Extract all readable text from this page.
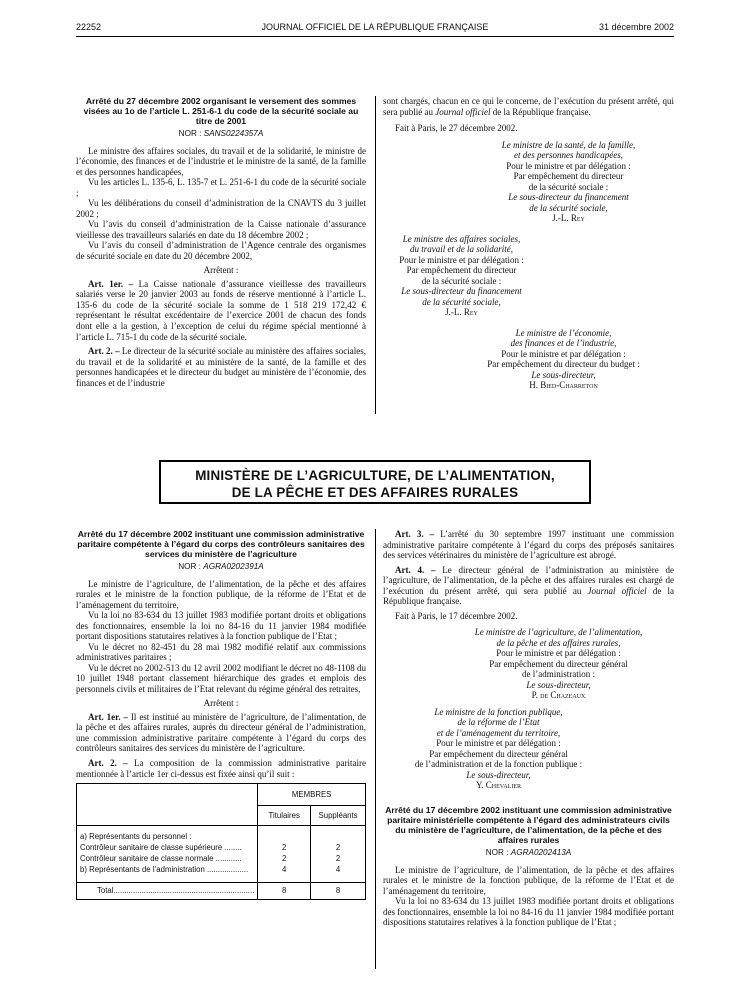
22252	JOURNAL OFFICIEL DE LA RÉPUBLIQUE FRANÇAISE	31 décembre 2002
Arrêté du 27 décembre 2002 organisant le versement des sommes visées au 1o de l’article L. 251-6-1 du code de la sécurité sociale au titre de 2001
NOR : SANS0224357A

Le ministre des affaires sociales, du travail et de la solidarité, le ministre de l’économie, des finances et de l’industrie et le ministre de la santé, de la famille et des personnes handicapées,

Vu les articles L. 135-6, L. 135-7 et L. 251-6-1 du code de la sécurité sociale ;

Vu les délibérations du conseil d’administration de la CNAVTS du 3 juillet 2002 ;

Vu l’avis du conseil d’administration de la Caisse nationale d’assurance vieillesse des travailleurs salariés en date du 18 décembre 2002 ;

Vu l’avis du conseil d’administration de l’Agence centrale des organismes de sécurité sociale en date du 20 décembre 2002,

Arrêtent :

Art. 1er. – La Caisse nationale d’assurance vieillesse des travailleurs salariés verse le 20 janvier 2003 au fonds de réserve mentionné à l’article L. 135-6 du code de la sécurité sociale la somme de 1 518 219 172,42 € représentant le résultat excédentaire de l’exercice 2001 de chacun des fonds dont elle a la gestion, à l’exception de celui du régime spécial mentionné à l’article L. 715-1 du code de la sécurité sociale.

Art. 2. – Le directeur de la sécurité sociale au ministère des affaires sociales, du travail et de la solidarité et au ministère de la santé, de la famille et des personnes handicapées et le directeur du budget au ministère de l’économie, des finances et de l’industrie

sont chargés, chacun en ce qui le concerne, de l’exécution du présent arrêté, qui sera publié au Journal officiel de la République française.

Fait à Paris, le 27 décembre 2002.

Le ministre de la santé, de la famille,
et des personnes handicapées,
Pour le ministre et par délégation :
Par empêchement du directeur
de la sécurité sociale :
Le sous-directeur du financement
de la sécurité sociale,
J.-L. Rey
Le ministre des affaires sociales,
du travail et de la solidarité,
Pour le ministre et par délégation :
Par empêchement du directeur
de la sécurité sociale :
Le sous-directeur du financement
de la sécurité sociale,
J.-L. Rey
Le ministre de l’économie,
des finances et de l’industrie,
Pour le ministre et par délégation :
Par empêchement du directeur du budget :
Le sous-directeur,
H. Bied-Charreton
MINISTÈRE DE L’AGRICULTURE, DE L’ALIMENTATION,
DE LA PÊCHE ET DES AFFAIRES RURALES
Arrêté du 17 décembre 2002 instituant une commission administrative paritaire compétente à l’égard du corps des contrôleurs sanitaires des services du ministère de l’agriculture
NOR : AGRA0202391A

Le ministre de l’agriculture, de l’alimentation, de la pêche et des affaires rurales et le ministre de la fonction publique, de la réforme de l’Etat et de l’aménagement du territoire,

Vu la loi no 83-634 du 13 juillet 1983 modifiée portant droits et obligations des fonctionnaires, ensemble la loi no 84-16 du 11 janvier 1984 modifiée portant dispositions statutaires relatives à la fonction publique de l’Etat ;

Vu le décret no 82-451 du 28 mai 1982 modifié relatif aux commissions administratives paritaires ;

Vu le décret no 2002-513 du 12 avril 2002 modifiant le décret no 48-1108 du 10 juillet 1948 portant classement hiérarchique des grades et emplois des personnels civils et militaires de l’Etat relevant du régime général des retraites,

Arrêtent :

Art. 1er. – Il est institué au ministère de l’agriculture, de l’alimentation, de la pêche et des affaires rurales, auprès du directeur général de l’administration, une commission administrative paritaire compétente à l’égard du corps des contrôleurs sanitaires des services du ministère de l’agriculture.

Art. 2. – La composition de la commission administrative paritaire mentionnée à l’article 1er ci-dessus est fixée ainsi qu’il suit :

	MEMBRES	
	Titulaires	Suppléants
a) Représentants du personnel :		
Contrôleur sanitaire de classe supérieure ........	2	2
Contrôleur sanitaire de classe normale ............	2	2
b) Représentants de l’administration ...................	4	4
Total.................................................................	8	8

Art. 3. – L’arrêté du 30 septembre 1997 instituant une commission administrative paritaire compétente à l’égard du corps des préposés sanitaires des services vétérinaires du ministère de l’agriculture est abrogé.

Art. 4. – Le directeur général de l’administration au ministère de l’agriculture, de l’alimentation, de la pêche et des affaires rurales est chargé de l’exécution du présent arrêté, qui sera publié au Journal officiel de la République française.

Fait à Paris, le 17 décembre 2002.

Le ministre de l’agriculture, de l’alimentation,
de la pêche et des affaires rurales,
Pour le ministre et par délégation :
Par empêchement du directeur général
de l’administration :
Le sous-directeur,
P. de Chazeaux
Le ministre de la fonction publique,
de la réforme de l’Etat
et de l’aménagement du territoire,
Pour le ministre et par délégation :
Par empêchement du directeur général
de l’administration et de la fonction publique :
Le sous-directeur,
Y. Chevalier
Arrêté du 17 décembre 2002 instituant une commission administrative paritaire ministérielle compétente à l’égard des administrateurs civils du ministère de l’agriculture, de l’alimentation, de la pêche et des affaires rurales
NOR : AGRA0202413A

Le ministre de l’agriculture, de l’alimentation, de la pêche et des affaires rurales et le ministre de la fonction publique, de la réforme de l’Etat et de l’aménagement du territoire,

Vu la loi no 83-634 du 13 juillet 1983 modifiée portant droits et obligations des fonctionnaires, ensemble la loi no 84-16 du 11 janvier 1984 modifiée portant dispositions statutaires relatives à la fonction publique de l’Etat ;
